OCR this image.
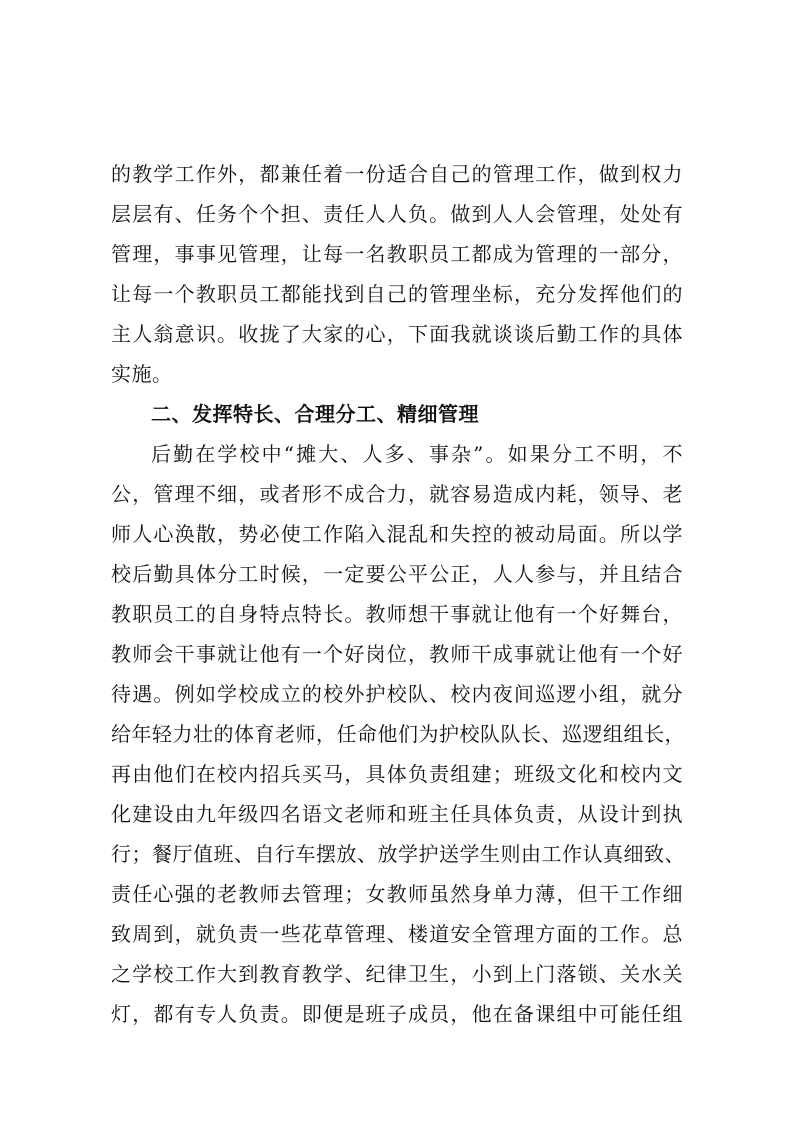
的教学工作外，都兼任着一份适合自己的管理工作，做到权力
层层有、任务个个担、责任人人负。做到人人会管理，处处有
管理，事事见管理，让每一名教职员工都成为管理的一部分，
让每一个教职员工都能找到自己的管理坐标，充分发挥他们的
主人翁意识。收拢了大家的心，下面我就谈谈后勤工作的具体
实施。
二、发挥特长、合理分工、精细管理
后勤在学校中“摊大、人多、事杂”。如果分工不明，不
公，管理不细，或者形不成合力，就容易造成内耗，领导、老
师人心涣散，势必使工作陷入混乱和失控的被动局面。所以学
校后勤具体分工时候，一定要公平公正，人人参与，并且结合
教职员工的自身特点特长。教师想干事就让他有一个好舞台，
教师会干事就让他有一个好岗位，教师干成事就让他有一个好
待遇。例如学校成立的校外护校队、校内夜间巡逻小组，就分
给年轻力壮的体育老师，任命他们为护校队队长、巡逻组组长，
再由他们在校内招兵买马，具体负责组建；班级文化和校内文
化建设由九年级四名语文老师和班主任具体负责，从设计到执
行；餐厅值班、自行车摆放、放学护送学生则由工作认真细致、
责任心强的老教师去管理；女教师虽然身单力薄，但干工作细
致周到，就负责一些花草管理、楼道安全管理方面的工作。总
之学校工作大到教育教学、纪律卫生，小到上门落锁、关水关
灯，都有专人负责。即便是班子成员，他在备课组中可能任组
